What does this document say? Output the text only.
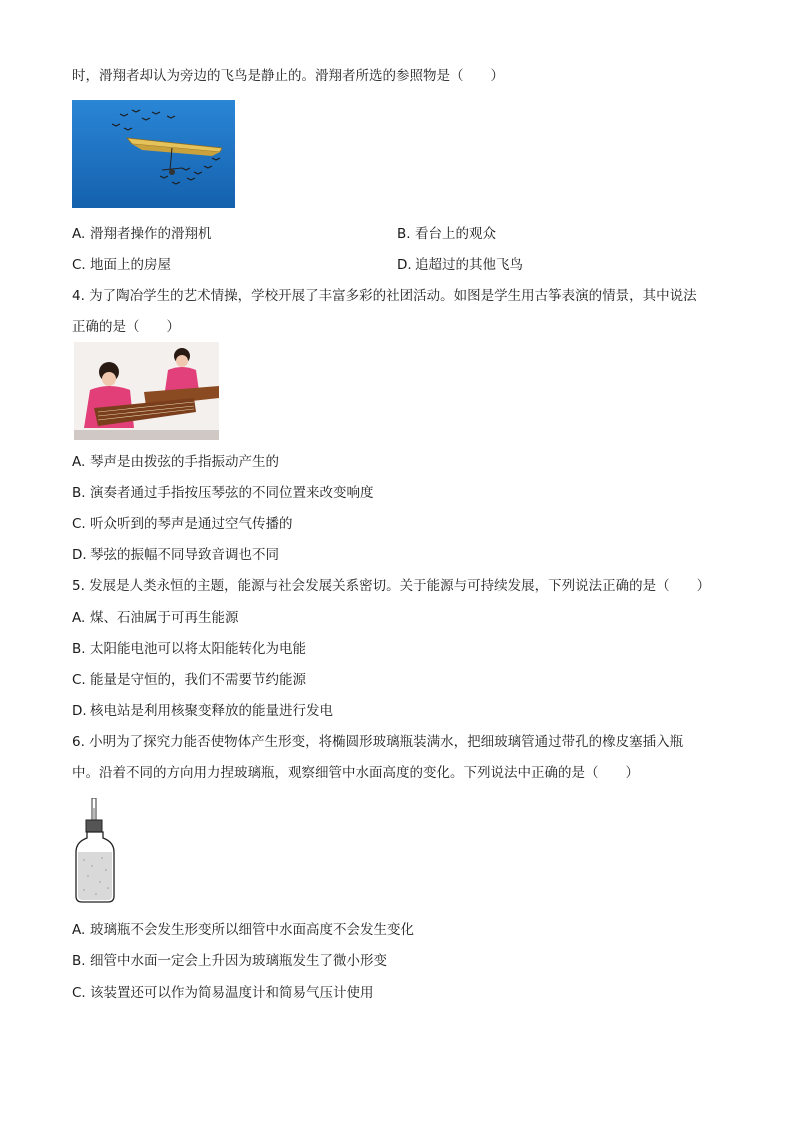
时，滑翔者却认为旁边的飞鸟是静止的。滑翔者所选的参照物是（　　）
A. 滑翔者操作的滑翔机	B. 看台上的观众
C. 地面上的房屋	D. 追超过的其他飞鸟
4. 为了陶冶学生的艺术情操，学校开展了丰富多彩的社团活动。如图是学生用古筝表演的情景，其中说法
正确的是（　　）
A. 琴声是由拨弦的手指振动产生的
B. 演奏者通过手指按压琴弦的不同位置来改变响度
C. 听众听到的琴声是通过空气传播的
D. 琴弦的振幅不同导致音调也不同
5. 发展是人类永恒的主题，能源与社会发展关系密切。关于能源与可持续发展，下列说法正确的是（　　）
A. 煤、石油属于可再生能源
B. 太阳能电池可以将太阳能转化为电能
C. 能量是守恒的，我们不需要节约能源
D. 核电站是利用核聚变释放的能量进行发电
6. 小明为了探究力能否使物体产生形变，将椭圆形玻璃瓶装满水，把细玻璃管通过带孔的橡皮塞插入瓶
中。沿着不同的方向用力捏玻璃瓶，观察细管中水面高度的变化。下列说法中正确的是（　　）
A. 玻璃瓶不会发生形变所以细管中水面高度不会发生变化
B. 细管中水面一定会上升因为玻璃瓶发生了微小形变
C. 该装置还可以作为简易温度计和简易气压计使用
